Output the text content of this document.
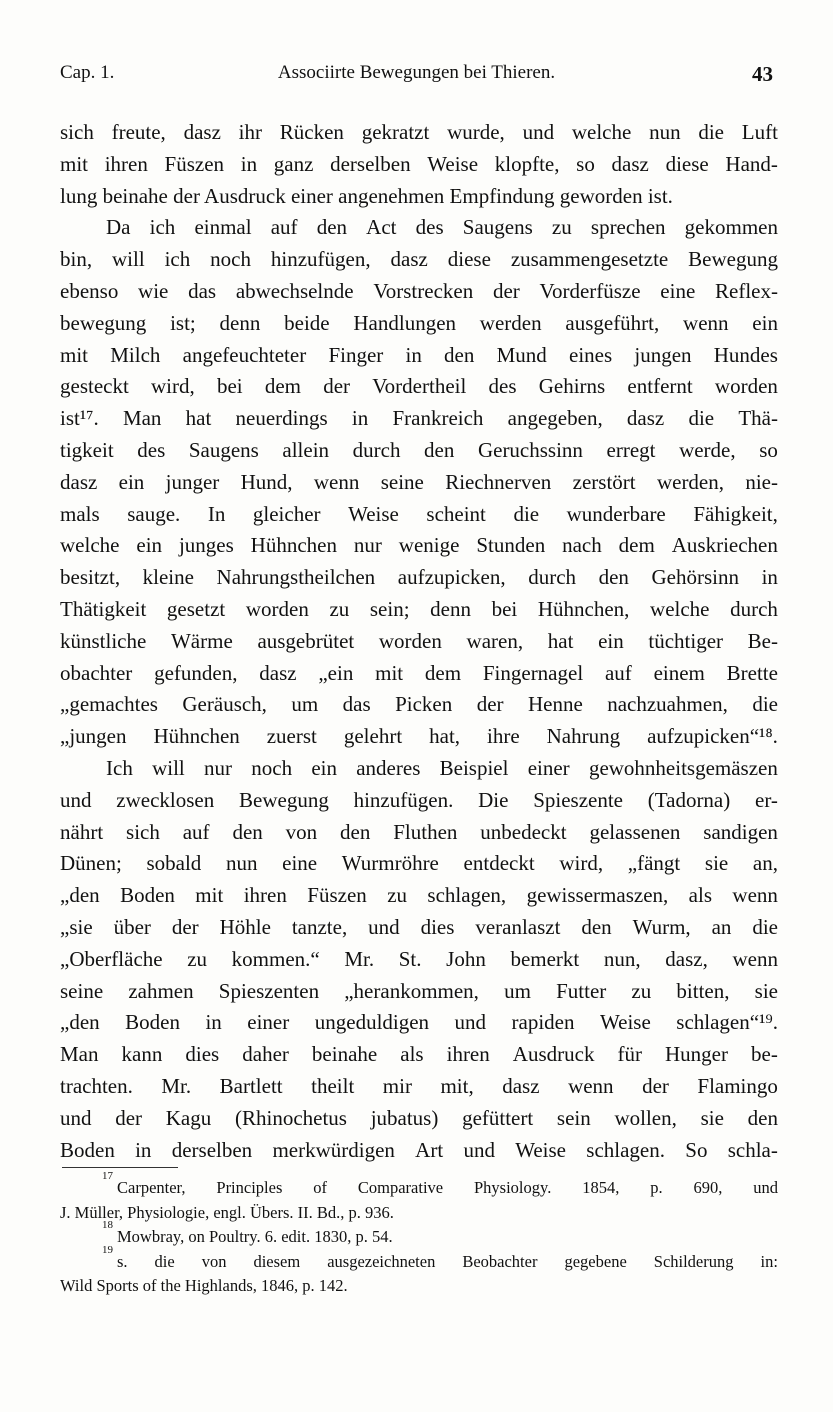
Cap. 1.	Associirte Bewegungen bei Thieren.	43
sich freute, dasz ihr Rücken gekratzt wurde, und welche nun die Luft
mit ihren Füszen in ganz derselben Weise klopfte, so dasz diese Hand-
lung beinahe der Ausdruck einer angenehmen Empfindung geworden ist.
Da ich einmal auf den Act des Saugens zu sprechen gekommen
bin, will ich noch hinzufügen, dasz diese zusammengesetzte Bewegung
ebenso wie das abwechselnde Vorstrecken der Vorderfüsze eine Reflex-
bewegung ist; denn beide Handlungen werden ausgeführt, wenn ein
mit Milch angefeuchteter Finger in den Mund eines jungen Hundes
gesteckt wird, bei dem der Vordertheil des Gehirns entfernt worden
ist¹⁷. Man hat neuerdings in Frankreich angegeben, dasz die Thä-
tigkeit des Saugens allein durch den Geruchssinn erregt werde, so
dasz ein junger Hund, wenn seine Riechnerven zerstört werden, nie-
mals sauge. In gleicher Weise scheint die wunderbare Fähigkeit,
welche ein junges Hühnchen nur wenige Stunden nach dem Auskriechen
besitzt, kleine Nahrungstheilchen aufzupicken, durch den Gehörsinn in
Thätigkeit gesetzt worden zu sein; denn bei Hühnchen, welche durch
künstliche Wärme ausgebrütet worden waren, hat ein tüchtiger Be-
obachter gefunden, dasz „ein mit dem Fingernagel auf einem Brette
„gemachtes Geräusch, um das Picken der Henne nachzuahmen, die
„jungen Hühnchen zuerst gelehrt hat, ihre Nahrung aufzupicken“¹⁸.
Ich will nur noch ein anderes Beispiel einer gewohnheitsgemäszen
und zwecklosen Bewegung hinzufügen. Die Spieszente (Tadorna) er-
nährt sich auf den von den Fluthen unbedeckt gelassenen sandigen
Dünen; sobald nun eine Wurmröhre entdeckt wird, „fängt sie an,
„den Boden mit ihren Füszen zu schlagen, gewissermaszen, als wenn
„sie über der Höhle tanzte, und dies veranlaszt den Wurm, an die
„Oberfläche zu kommen.“ Mr. St. John bemerkt nun, dasz, wenn
seine zahmen Spieszenten „herankommen, um Futter zu bitten, sie
„den Boden in einer ungeduldigen und rapiden Weise schlagen“¹⁹.
Man kann dies daher beinahe als ihren Ausdruck für Hunger be-
trachten. Mr. Bartlett theilt mir mit, dasz wenn der Flamingo
und der Kagu (Rhinochetus jubatus) gefüttert sein wollen, sie den
Boden in derselben merkwürdigen Art und Weise schlagen. So schla-
17
Carpenter, Principles of Comparative Physiology. 1854, p. 690, und
J. Müller, Physiologie, engl. Übers. II. Bd., p. 936.
18
Mowbray, on Poultry. 6. edit. 1830, p. 54.
19
s. die von diesem ausgezeichneten Beobachter gegebene Schilderung in:
Wild Sports of the Highlands, 1846, p. 142.
